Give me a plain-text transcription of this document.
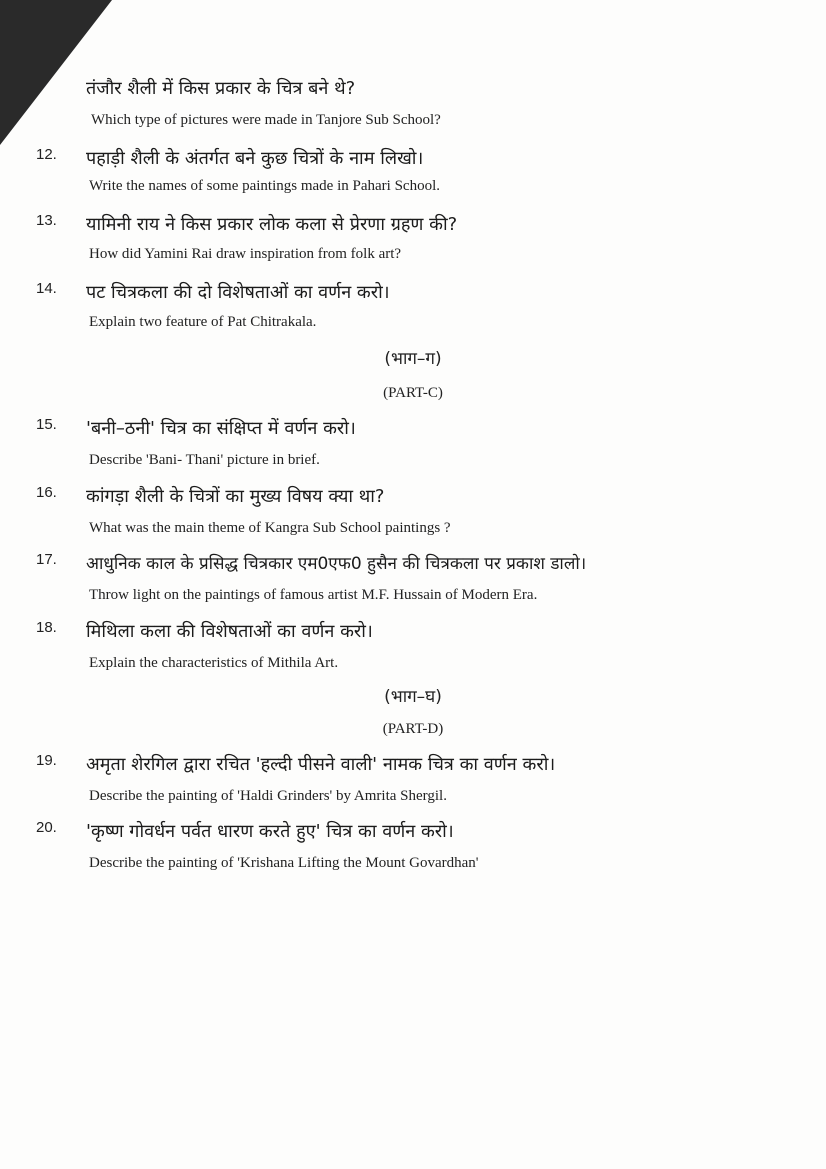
तंजौर शैली में किस प्रकार के चित्र बने थे?
Which type of pictures were made in Tanjore Sub School?
12. पहाड़ी शैली के अंतर्गत बने कुछ चित्रों के नाम लिखो।
Write the names of some paintings made in Pahari School.
13. यामिनी राय ने किस प्रकार लोक कला से प्रेरणा ग्रहण की?
How did Yamini Rai draw inspiration from folk art?
14. पट चित्रकला की दो विशेषताओं का वर्णन करो।
Explain two feature of Pat Chitrakala.
(भाग–ग)
(PART-C)
15. 'बनी–ठनी' चित्र का संक्षिप्त में वर्णन करो।
Describe 'Bani- Thani' picture in brief.
16. कांगड़ा शैली के चित्रों का मुख्य विषय क्या था?
What was the main theme of Kangra Sub School paintings ?
17. आधुनिक काल के प्रसिद्ध चित्रकार एम0एफ0 हुसैन की चित्रकला पर प्रकाश डालो।
Throw light on the paintings of famous artist M.F. Hussain of Modern Era.
18. मिथिला कला की विशेषताओं का वर्णन करो।
Explain the characteristics of Mithila Art.
(भाग–घ)
(PART-D)
19. अमृता शेरगिल द्वारा रचित 'हल्दी पीसने वाली' नामक चित्र का वर्णन करो।
Describe the painting of 'Haldi Grinders' by Amrita Shergil.
20. 'कृष्ण गोवर्धन पर्वत धारण करते हुए' चित्र का वर्णन करो।
Describe the painting of 'Krishana Lifting the Mount Govardhan'
